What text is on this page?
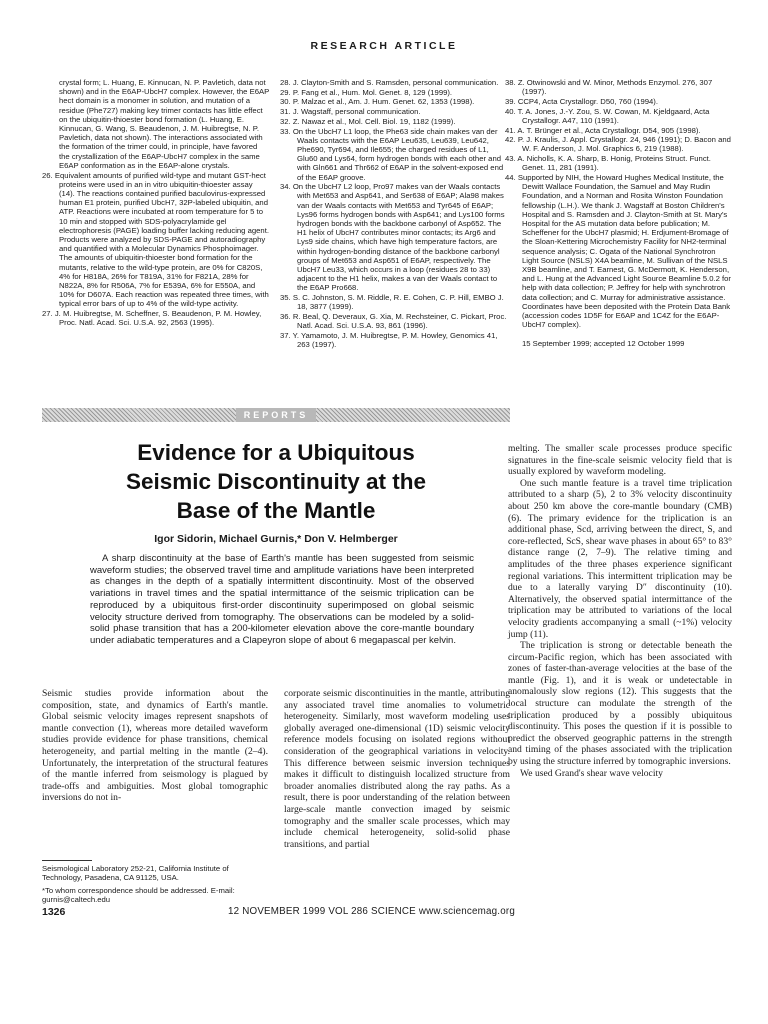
RESEARCH ARTICLE

crystal form; L. Huang, E. Kinnucan, N. P. Pavletich, data not shown) and in the E6AP-UbcH7 complex. However, the E6AP hect domain is a monomer in solution, and mutation of a residue (Phe727) making key trimer contacts has little effect on the ubiquitin-thioester bond formation (L. Huang, E. Kinnucan, G. Wang, S. Beaudenon, J. M. Huibregtse, N. P. Pavletich, data not shown). The interactions associated with the formation of the trimer could, in principle, have favored the crystallization of the E6AP-UbcH7 complex in the same E6AP conformation as in the E6AP-alone crystals.

26. Equivalent amounts of purified wild-type and mutant GST-hect proteins were used in an in vitro ubiquitin-thioester assay (14). The reactions contained purified baculovirus-expressed human E1 protein, purified UbcH7, 32P-labeled ubiquitin, and ATP. Reactions were incubated at room temperature for 5 to 10 min and stopped with SDS-polyacrylamide gel electrophoresis (PAGE) loading buffer lacking reducing agent. Products were analyzed by SDS-PAGE and autoradiography and quantified with a Molecular Dynamics Phosphoimager. The amounts of ubiquitin-thioester bond formation for the mutants, relative to the wild-type protein, are 0% for C820S, 4% for H818A, 26% for T819A, 31% for F821A, 28% for N822A, 8% for R506A, 7% for E539A, 6% for E550A, and 10% for D607A. Each reaction was repeated three times, with typical error bars of up to 4% of the wild-type activity.

27. J. M. Huibregtse, M. Scheffner, S. Beaudenon, P. M. Howley, Proc. Natl. Acad. Sci. U.S.A. 92, 2563 (1995).

28. J. Clayton-Smith and S. Ramsden, personal communication.

29. P. Fang et al., Hum. Mol. Genet. 8, 129 (1999).

30. P. Malzac et al., Am. J. Hum. Genet. 62, 1353 (1998).

31. J. Wagstaff, personal communication.

32. Z. Nawaz et al., Mol. Cell. Biol. 19, 1182 (1999).

33. On the UbcH7 L1 loop, the Phe63 side chain makes van der Waals contacts with the E6AP Leu635, Leu639, Leu642, Phe690, Tyr694, and Ile655; the charged residues of L1, Glu60 and Lys64, form hydrogen bonds with each other and with Gln661 and Thr662 of E6AP in the solvent-exposed end of the E6AP groove.

34. On the UbcH7 L2 loop, Pro97 makes van der Waals contacts with Met653 and Asp641, and Ser638 of E6AP; Ala98 makes van der Waals contacts with Met653 and Tyr645 of E6AP; Lys96 forms hydrogen bonds with Asp641; and Lys100 forms hydrogen bonds with the backbone carbonyl of Asp652. The H1 helix of UbcH7 contributes minor contacts; its Arg6 and Lys9 side chains, which have high temperature factors, are within hydrogen-bonding distance of the backbone carbonyl groups of Met653 and Asp651 of E6AP, respectively. The UbcH7 Leu33, which occurs in a loop (residues 28 to 33) adjacent to the H1 helix, makes a van der Waals contact to the E6AP Pro668.

35. S. C. Johnston, S. M. Riddle, R. E. Cohen, C. P. Hill, EMBO J. 18, 3877 (1999).

36. R. Beal, Q. Deveraux, G. Xia, M. Rechsteiner, C. Pickart, Proc. Natl. Acad. Sci. U.S.A. 93, 861 (1996).

37. Y. Yamamoto, J. M. Huibregtse, P. M. Howley, Genomics 41, 263 (1997).

38. Z. Otwinowski and W. Minor, Methods Enzymol. 276, 307 (1997).

39. CCP4, Acta Crystallogr. D50, 760 (1994).

40. T. A. Jones, J.-Y. Zou, S. W. Cowan, M. Kjeldgaard, Acta Crystallogr. A47, 110 (1991).

41. A. T. Brünger et al., Acta Crystallogr. D54, 905 (1998).

42. P. J. Kraulis, J. Appl. Crystallogr. 24, 946 (1991); D. Bacon and W. F. Anderson, J. Mol. Graphics 6, 219 (1988).

43. A. Nicholls, K. A. Sharp, B. Honig, Proteins Struct. Funct. Genet. 11, 281 (1991).

44. Supported by NIH, the Howard Hughes Medical Institute, the Dewitt Wallace Foundation, the Samuel and May Rudin Foundation, and a Norman and Rosita Winston Foundation fellowship (L.H.). We thank J. Wagstaff at Boston Children's Hospital and S. Ramsden and J. Clayton-Smith at St. Mary's Hospital for the AS mutation data before publication; M. Scheffener for the UbcH7 plasmid; H. Erdjument-Bromage of the Sloan-Kettering Microchemistry Facility for NH2-terminal sequence analysis; C. Ogata of the National Synchrotron Light Source (NSLS) X4A beamline, M. Sullivan of the NSLS X9B beamline, and T. Earnest, G. McDermott, K. Henderson, and L. Hung at the Advanced Light Source Beamline 5.0.2 for help with data collection; P. Jeffrey for help with synchrotron data collection; and C. Murray for administrative assistance. Coordinates have been deposited with the Protein Data Bank (accession codes 1D5F for E6AP and 1C4Z for the E6AP-UbcH7 complex).

15 September 1999; accepted 12 October 1999

REPORTS
Evidence for a Ubiquitous
Seismic Discontinuity at the
Base of the Mantle

Igor Sidorin, Michael Gurnis,* Don V. Helmberger

A sharp discontinuity at the base of Earth's mantle has been suggested from seismic waveform studies; the observed travel time and amplitude variations have been interpreted as changes in the depth of a spatially intermittent discontinuity. Most of the observed variations in travel times and the spatial intermittance of the seismic triplication can be reproduced by a ubiquitous first-order discontinuity superimposed on global seismic velocity structure derived from tomography. The observations can be modeled by a solid-solid phase transition that has a 200-kilometer elevation above the core-mantle boundary under adiabatic temperatures and a Clapeyron slope of about 6 megapascal per kelvin.

Seismic studies provide information about the composition, state, and dynamics of Earth's mantle. Global seismic velocity images represent snapshots of mantle convection (1), whereas more detailed waveform studies provide evidence for phase transitions, chemical heterogeneity, and partial melting in the mantle (2–4). Unfortunately, the interpretation of the structural features of the mantle inferred from seismology is plagued by trade-offs and ambiguities. Most global tomographic inversions do not in-

corporate seismic discontinuities in the mantle, attributing any associated travel time anomalies to volumetric heterogeneity. Similarly, most waveform modeling uses globally averaged one-dimensional (1D) seismic velocity reference models focusing on isolated regions without consideration of the geographical variations in velocity. This difference between seismic inversion techniques makes it difficult to distinguish localized structure from broader anomalies distributed along the ray paths. As a result, there is poor understanding of the relation between large-scale mantle convection imaged by seismic tomography and the smaller scale processes, which may include chemical heterogeneity, solid-solid phase transitions, and partial

melting. The smaller scale processes produce specific signatures in the fine-scale seismic velocity field that is usually explored by waveform modeling.

One such mantle feature is a travel time triplication attributed to a sharp (5), 2 to 3% velocity discontinuity about 250 km above the core-mantle boundary (CMB) (6). The primary evidence for the triplication is an additional phase, Scd, arriving between the direct, S, and core-reflected, ScS, shear wave phases in about 65° to 83° distance range (2, 7–9). The relative timing and amplitudes of the three phases experience significant regional variations. This intermittent triplication may be due to a laterally varying D″ discontinuity (10). Alternatively, the observed spatial intermittance of the triplication may be attributed to variations of the local velocity gradients accompanying a small (~1%) velocity jump (11).

The triplication is strong or detectable beneath the circum-Pacific region, which has been associated with zones of faster-than-average velocities at the base of the mantle (Fig. 1), and it is weak or undetectable in anomalously slow regions (12). This suggests that the local structure can modulate the strength of the triplication produced by a possibly ubiquitous discontinuity. This poses the question if it is possible to predict the observed geographic patterns in the strength and timing of the phases associated with the triplication by using the structure inferred by tomographic inversions.

We used Grand's shear wave velocity

Seismological Laboratory 252-21, California Institute of Technology, Pasadena, CA 91125, USA.

*To whom correspondence should be addressed. E-mail: gurnis@caltech.edu

1326	12 NOVEMBER 1999 VOL 286 SCIENCE www.sciencemag.org
